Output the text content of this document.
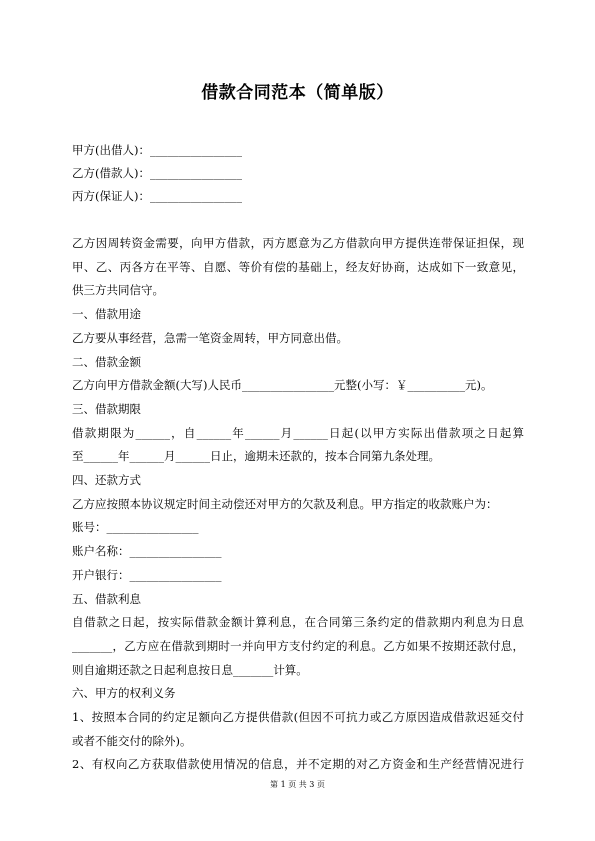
借款合同范本（简单版）
甲方(出借人)：________________
乙方(借款人)：________________
丙方(保证人)：________________

乙方因周转资金需要，向甲方借款，丙方愿意为乙方借款向甲方提供连带保证担保，现

甲、乙、丙各方在平等、自愿、等价有偿的基础上，经友好协商，达成如下一致意见，

供三方共同信守。

一、借款用途

乙方要从事经营，急需一笔资金周转，甲方同意出借。

二、借款金额

乙方向甲方借款金额(大写)人民币________________元整(小写：￥__________元)。

三、借款期限

借款期限为______，自______年______月______日起(以甲方实际出借款项之日起算

至______年______月______日止，逾期未还款的，按本合同第九条处理。

四、还款方式

乙方应按照本协议规定时间主动偿还对甲方的欠款及利息。甲方指定的收款账户为：

账号：________________

账户名称：________________

开户银行：________________

五、借款利息

自借款之日起，按实际借款金额计算利息，在合同第三条约定的借款期内利息为日息

_______，乙方应在借款到期时一并向甲方支付约定的利息。乙方如果不按期还款付息，

则自逾期还款之日起利息按日息_______计算。

六、甲方的权利义务

1、按照本合同的约定足额向乙方提供借款(但因不可抗力或乙方原因造成借款迟延交付

或者不能交付的除外)。

2、有权向乙方获取借款使用情况的信息，并不定期的对乙方资金和生产经营情况进行

第 1 页 共 3 页
